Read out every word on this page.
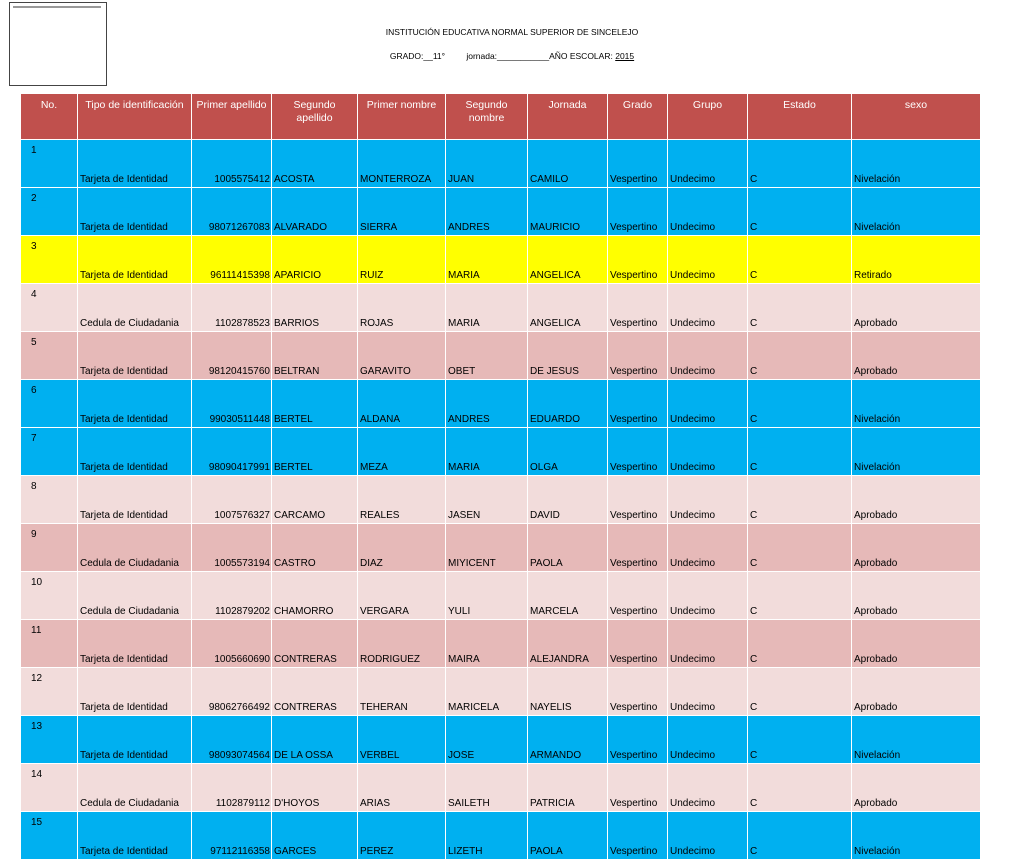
INSTITUCIÓN EDUCATIVA NORMAL SUPERIOR DE SINCELEJO
GRADO:__11°	jornada:___________AÑO ESCOLAR: 2015
No.	Tipo de identificación	Primer apellido	Segundo apellido	Primer nombre	Segundo nombre	Jornada	Grado	Grupo	Estado	sexo
1	Tarjeta de Identidad	1005575412	ACOSTA	MONTERROZA	JUAN	CAMILO	Vespertino	Undecimo	C	Nivelación
2	Tarjeta de Identidad	98071267083	ALVARADO	SIERRA	ANDRES	MAURICIO	Vespertino	Undecimo	C	Nivelación
3	Tarjeta de Identidad	96111415398	APARICIO	RUIZ	MARIA	ANGELICA	Vespertino	Undecimo	C	Retirado
4	Cedula de Ciudadania	1102878523	BARRIOS	ROJAS	MARIA	ANGELICA	Vespertino	Undecimo	C	Aprobado
5	Tarjeta de Identidad	98120415760	BELTRAN	GARAVITO	OBET	DE JESUS	Vespertino	Undecimo	C	Aprobado
6	Tarjeta de Identidad	99030511448	BERTEL	ALDANA	ANDRES	EDUARDO	Vespertino	Undecimo	C	Nivelación
7	Tarjeta de Identidad	98090417991	BERTEL	MEZA	MARIA	OLGA	Vespertino	Undecimo	C	Nivelación
8	Tarjeta de Identidad	1007576327	CARCAMO	REALES	JASEN	DAVID	Vespertino	Undecimo	C	Aprobado
9	Cedula de Ciudadania	1005573194	CASTRO	DIAZ	MIYICENT	PAOLA	Vespertino	Undecimo	C	Aprobado
10	Cedula de Ciudadania	1102879202	CHAMORRO	VERGARA	YULI	MARCELA	Vespertino	Undecimo	C	Aprobado
11	Tarjeta de Identidad	1005660690	CONTRERAS	RODRIGUEZ	MAIRA	ALEJANDRA	Vespertino	Undecimo	C	Aprobado
12	Tarjeta de Identidad	98062766492	CONTRERAS	TEHERAN	MARICELA	NAYELIS	Vespertino	Undecimo	C	Aprobado
13	Tarjeta de Identidad	98093074564	DE LA OSSA	VERBEL	JOSE	ARMANDO	Vespertino	Undecimo	C	Nivelación
14	Cedula de Ciudadania	1102879112	D'HOYOS	ARIAS	SAILETH	PATRICIA	Vespertino	Undecimo	C	Aprobado
15	Tarjeta de Identidad	97112116358	GARCES	PEREZ	LIZETH	PAOLA	Vespertino	Undecimo	C	Nivelación
